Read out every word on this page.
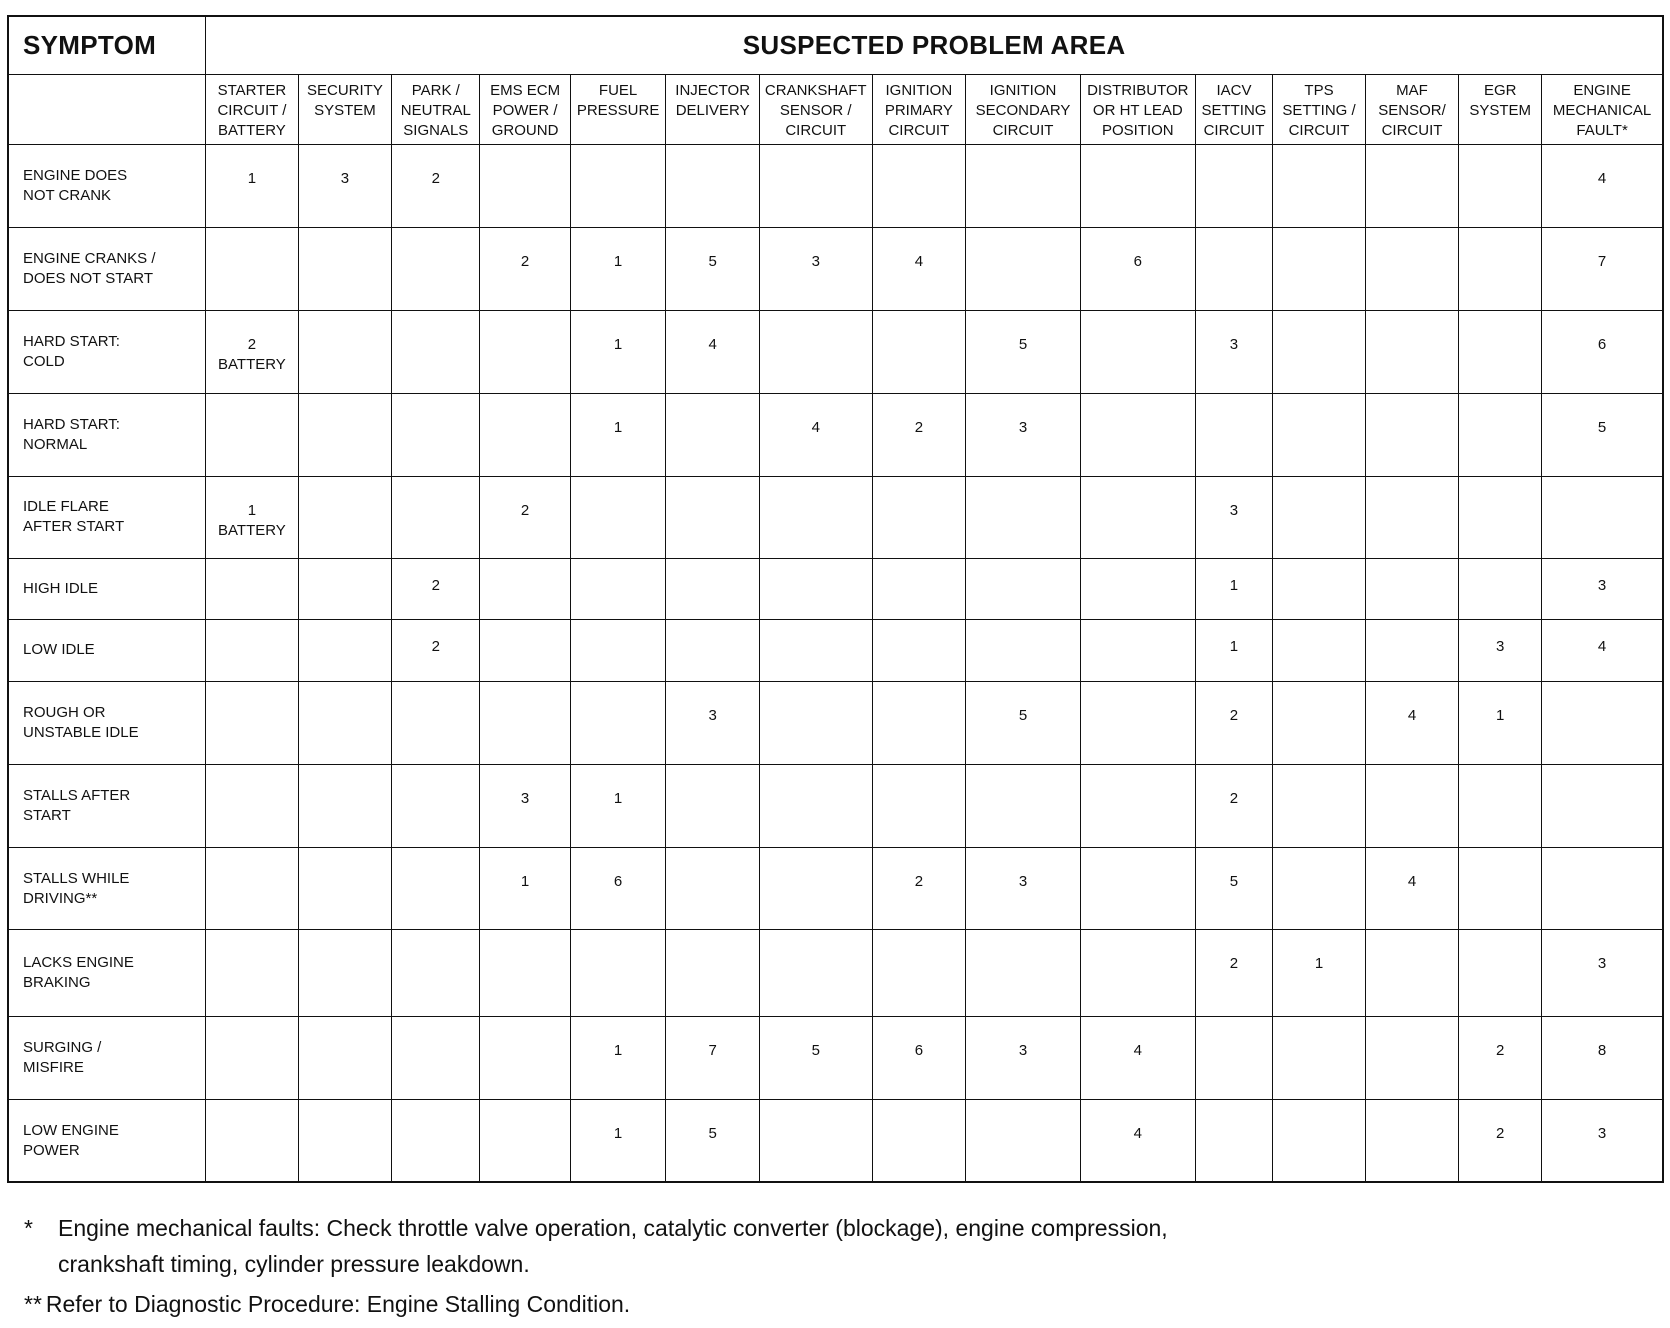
SYMPTOM	SUSPECTED PROBLEM AREA														
	STARTER
CIRCUIT /
BATTERY	SECURITY
SYSTEM	PARK /
NEUTRAL
SIGNALS	EMS ECM
POWER /
GROUND	FUEL
PRESSURE	INJECTOR
DELIVERY	CRANKSHAFT
SENSOR /
CIRCUIT	IGNITION
PRIMARY
CIRCUIT	IGNITION
SECONDARY
CIRCUIT	DISTRIBUTOR
OR HT LEAD
POSITION	IACV
SETTING
CIRCUIT	TPS
SETTING /
CIRCUIT	MAF
SENSOR/
CIRCUIT	EGR
SYSTEM	ENGINE
MECHANICAL
FAULT*
ENGINE DOES
NOT CRANK	1	3	2												4
ENGINE CRANKS /
DOES NOT START				2	1	5	3	4		6					7
HARD START:
COLD	2
BATTERY				1	4			5		3				6
HARD START:
NORMAL					1		4	2	3						5
IDLE FLARE
AFTER START	1
BATTERY			2							3				
HIGH IDLE			2								1				3
LOW IDLE			2								1			3	4
ROUGH OR
UNSTABLE IDLE						3			5		2		4	1	
STALLS AFTER
START				3	1						2				
STALLS WHILE
DRIVING**				1	6			2	3		5		4		
LACKS ENGINE
BRAKING											2	1			3
SURGING /
MISFIRE					1	7	5	6	3	4				2	8
LOW ENGINE
POWER					1	5				4				2	3
*	Engine mechanical faults: Check throttle valve operation, catalytic converter (blockage), engine compression,
crankshaft timing, cylinder pressure leakdown.
** Refer to Diagnostic Procedure: Engine Stalling Condition.
